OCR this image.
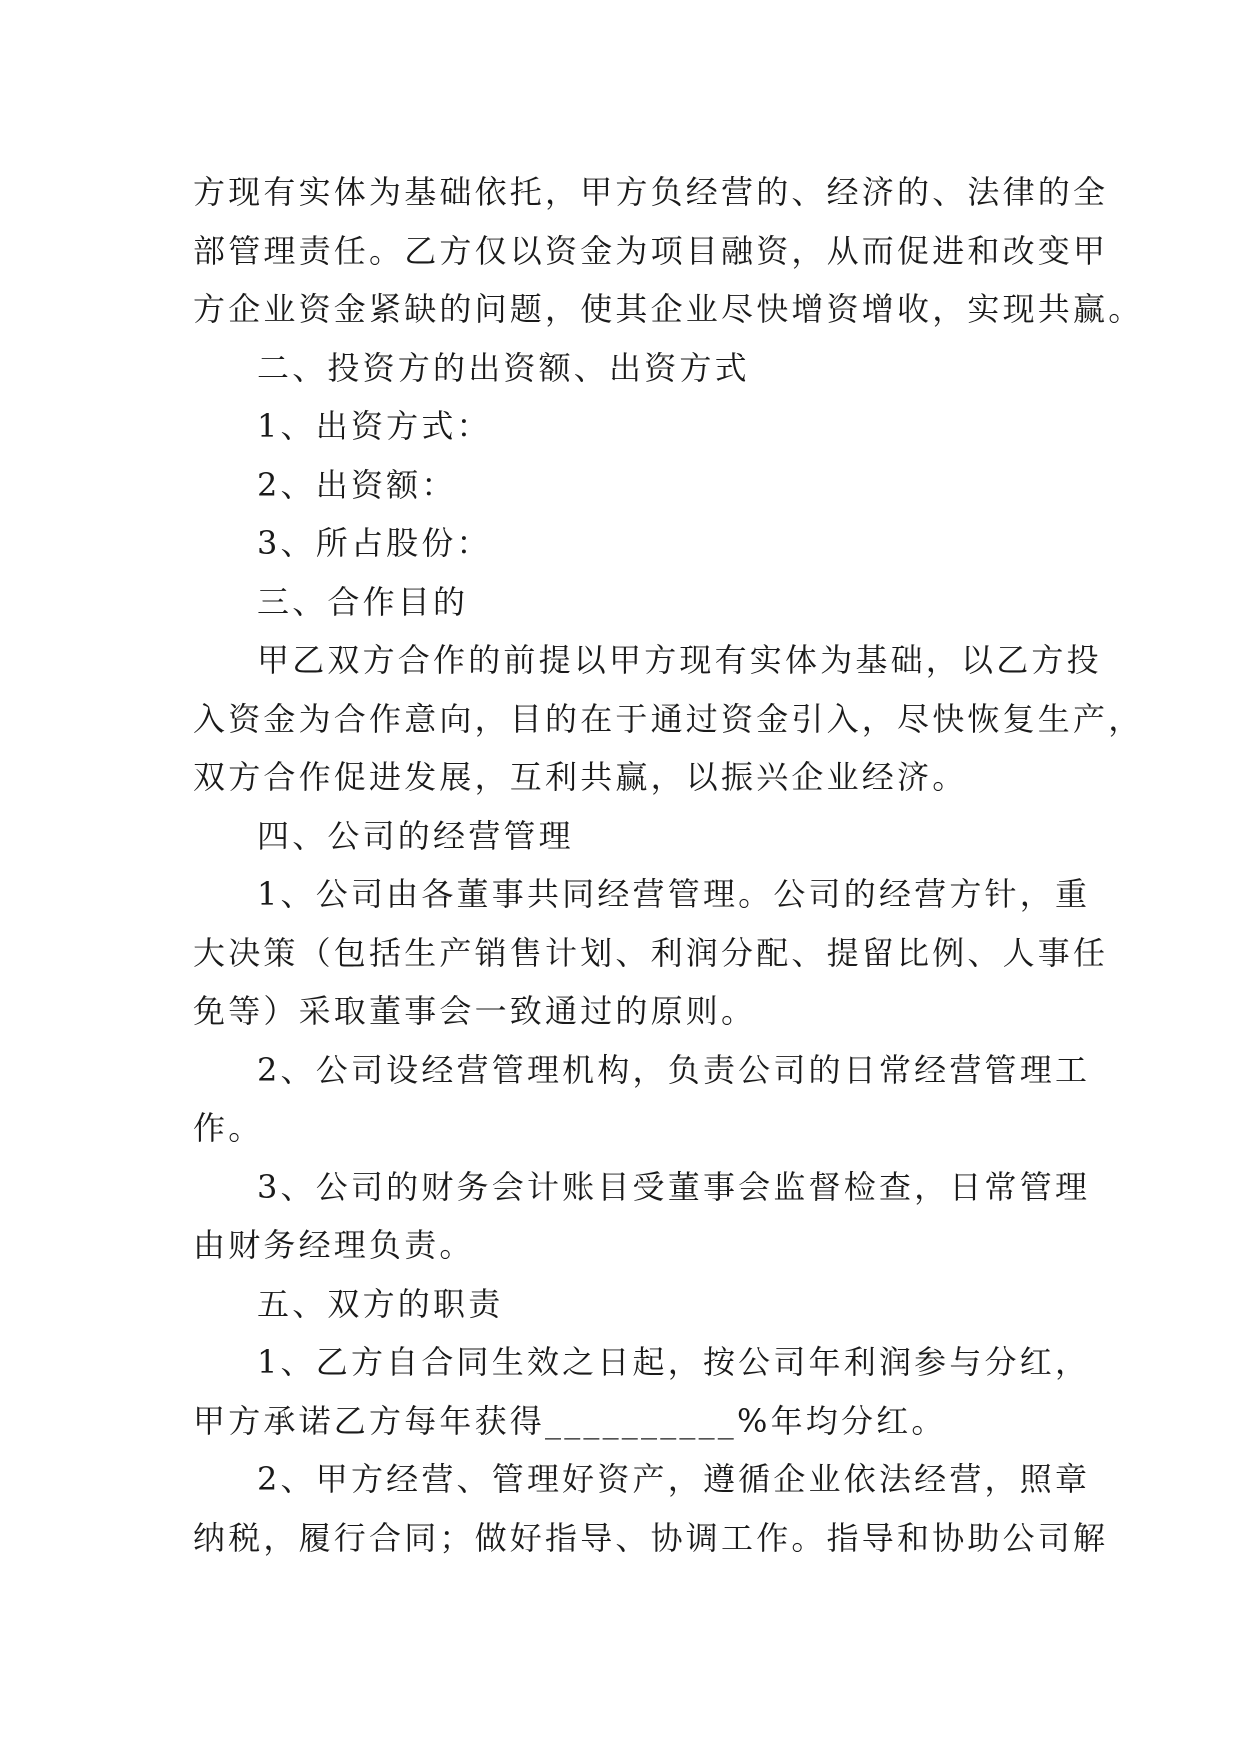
方现有实体为基础依托，甲方负经营的、经济的、法律的全
部管理责任。乙方仅以资金为项目融资，从而促进和改变甲
方企业资金紧缺的问题，使其企业尽快增资增收，实现共赢。
二、投资方的出资额、出资方式
1、出资方式：
2、出资额：
3、所占股份：
三、合作目的
甲乙双方合作的前提以甲方现有实体为基础，以乙方投
入资金为合作意向，目的在于通过资金引入，尽快恢复生产，
双方合作促进发展，互利共赢，以振兴企业经济。
四、公司的经营管理
1、公司由各董事共同经营管理。公司的经营方针，重
大决策（包括生产销售计划、利润分配、提留比例、人事任
免等）采取董事会一致通过的原则。
2、公司设经营管理机构，负责公司的日常经营管理工
作。
3、公司的财务会计账目受董事会监督检查，日常管理
由财务经理负责。
五、双方的职责
1、乙方自合同生效之日起，按公司年利润参与分红，
甲方承诺乙方每年获得__________%年均分红。
2、甲方经营、管理好资产，遵循企业依法经营，照章
纳税，履行合同；做好指导、协调工作。指导和协助公司解
